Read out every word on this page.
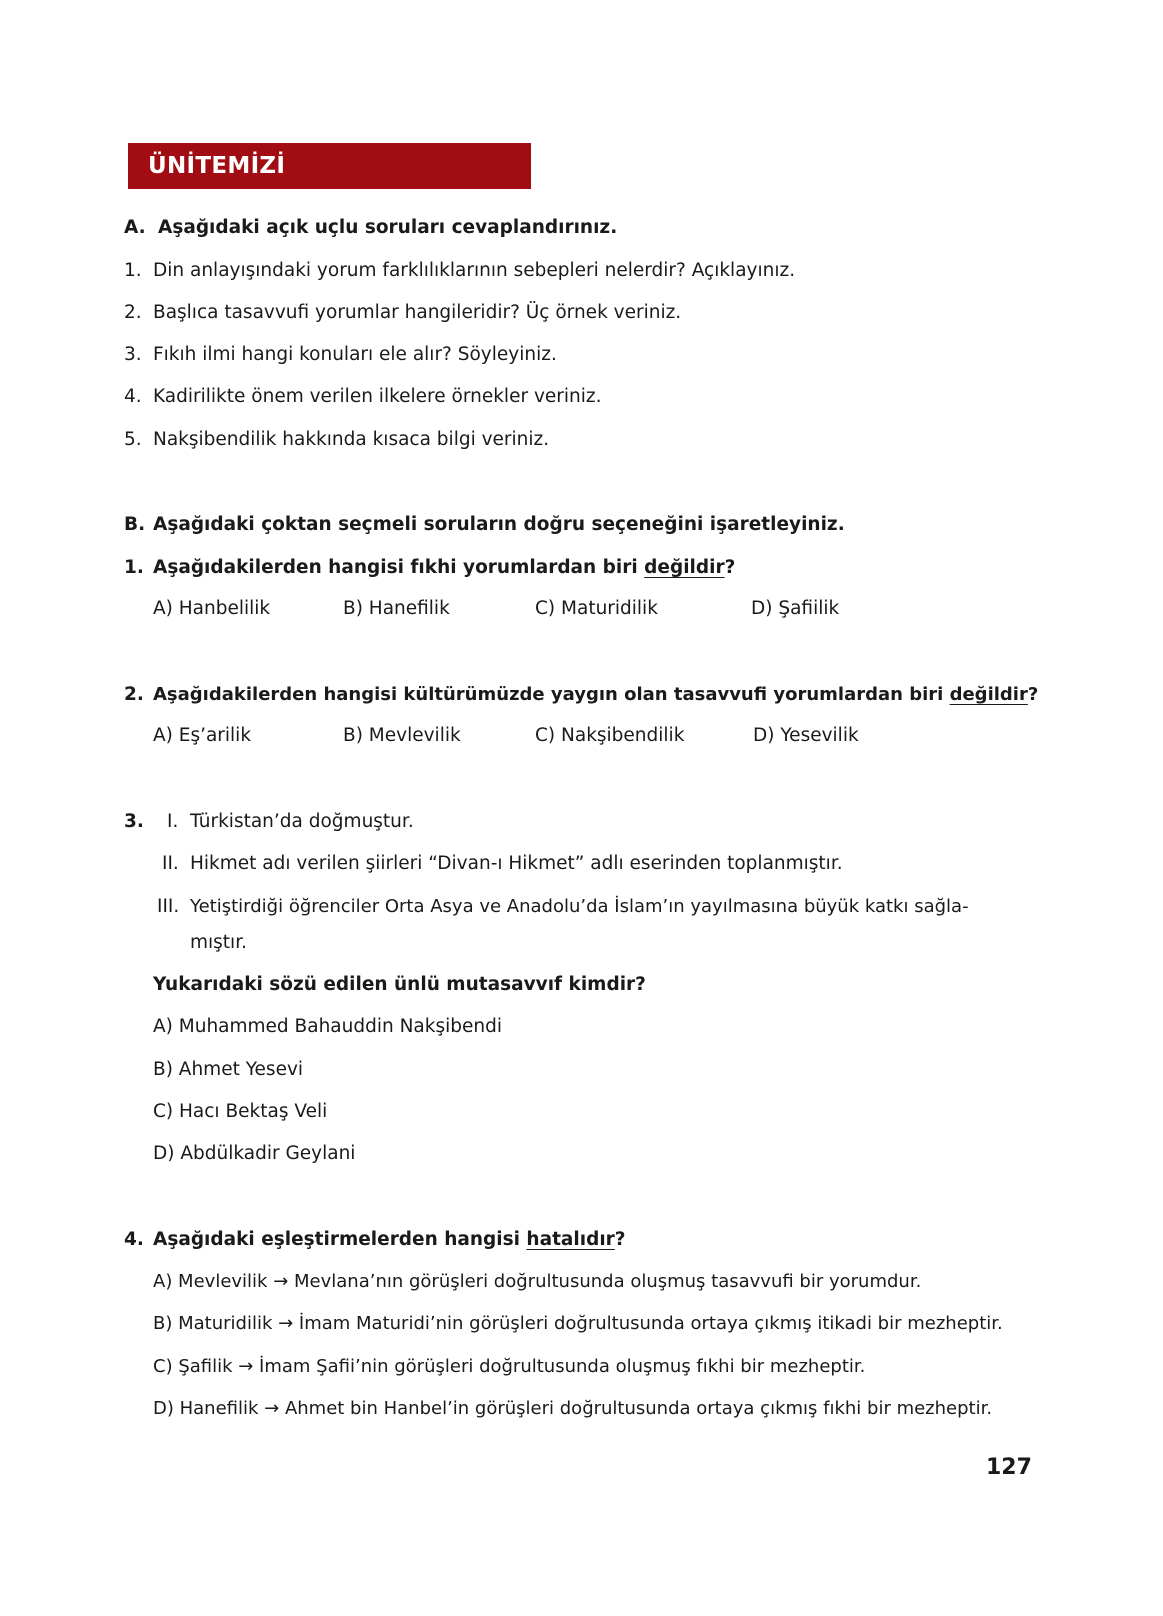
ÜNİTEMİZİ DEĞERLENDİRELİM
A. Aşağıdaki açık uçlu soruları cevaplandırınız.
1. Din anlayışındaki yorum farklılıklarının sebepleri nelerdir? Açıklayınız.
2. Başlıca tasavvufi yorumlar hangileridir? Üç örnek veriniz.
3. Fıkıh ilmi hangi konuları ele alır? Söyleyiniz.
4. Kadirilikte önem verilen ilkelere örnekler veriniz.
5. Nakşibendilik hakkında kısaca bilgi veriniz.
B. Aşağıdaki çoktan seçmeli soruların doğru seçeneğini işaretleyiniz.
1. Aşağıdakilerden hangisi fıkhi yorumlardan biri değildir?
A) Hanbelilik	B) Hanefilik	C) Maturidilik	D) Şafiilik
2. Aşağıdakilerden hangisi kültürümüzde yaygın olan tasavvufi yorumlardan biri değildir?
A) Eş’arilik	B) Mevlevilik	C) Nakşibendilik	D) Yesevilik
3. I. Türkistan’da doğmuştur.
II. Hikmet adı verilen şiirleri “Divan-ı Hikmet” adlı eserinden toplanmıştır.
III. Yetiştirdiği öğrenciler Orta Asya ve Anadolu’da İslam’ın yayılmasına büyük katkı sağla-
mıştır.
Yukarıdaki sözü edilen ünlü mutasavvıf kimdir?
A) Muhammed Bahauddin Nakşibendi
B) Ahmet Yesevi
C) Hacı Bektaş Veli
D) Abdülkadir Geylani
4. Aşağıdaki eşleştirmelerden hangisi hatalıdır?
A) Mevlevilik → Mevlana’nın görüşleri doğrultusunda oluşmuş tasavvufi bir yorumdur.
B) Maturidilik → İmam Maturidi’nin görüşleri doğrultusunda ortaya çıkmış itikadi bir mezheptir.
C) Şafilik → İmam Şafii’nin görüşleri doğrultusunda oluşmuş fıkhi bir mezheptir.
D) Hanefilik → Ahmet bin Hanbel’in görüşleri doğrultusunda ortaya çıkmış fıkhi bir mezheptir.
127
